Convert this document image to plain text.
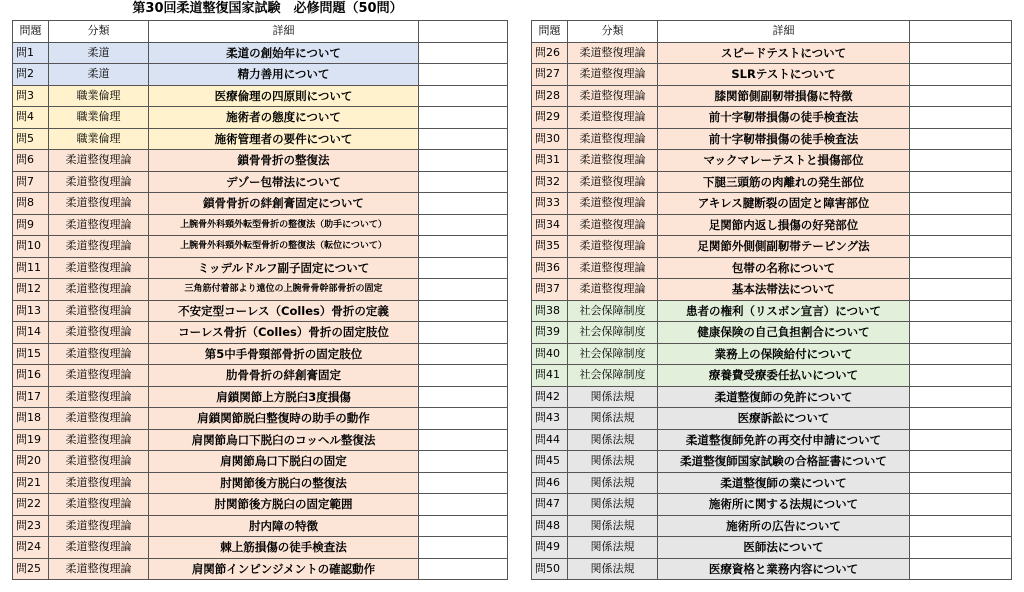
第30回柔道整復国家試験　必修問題（50問）
問題	分類	詳細	
問1	柔道	柔道の創始年について	
問2	柔道	精力善用について	
問3	職業倫理	医療倫理の四原則について	
問4	職業倫理	施術者の態度について	
問5	職業倫理	施術管理者の要件について	
問6	柔道整復理論	鎖骨骨折の整復法	
問7	柔道整復理論	デゾー包帯法について	
問8	柔道整復理論	鎖骨骨折の絆創膏固定について	
問9	柔道整復理論	上腕骨外科頸外転型骨折の整復法（助手について）	
問10	柔道整復理論	上腕骨外科頸外転型骨折の整復法（転位について）	
問11	柔道整復理論	ミッデルドルフ副子固定について	
問12	柔道整復理論	三角筋付着部より遠位の上腕骨骨幹部骨折の固定	
問13	柔道整復理論	不安定型コーレス（Colles）骨折の定義	
問14	柔道整復理論	コーレス骨折（Colles）骨折の固定肢位	
問15	柔道整復理論	第5中手骨頸部骨折の固定肢位	
問16	柔道整復理論	肋骨骨折の絆創膏固定	
問17	柔道整復理論	肩鎖関節上方脱臼3度損傷	
問18	柔道整復理論	肩鎖関節脱臼整復時の助手の動作	
問19	柔道整復理論	肩関節烏口下脱臼のコッヘル整復法	
問20	柔道整復理論	肩関節烏口下脱臼の固定	
問21	柔道整復理論	肘関節後方脱臼の整復法	
問22	柔道整復理論	肘関節後方脱臼の固定範囲	
問23	柔道整復理論	肘内障の特徴	
問24	柔道整復理論	棘上筋損傷の徒手検査法	
問25	柔道整復理論	肩関節インピンジメントの確認動作	
問題	分類	詳細	
問26	柔道整復理論	スピードテストについて	
問27	柔道整復理論	SLRテストについて	
問28	柔道整復理論	膝関節側副靭帯損傷に特徴	
問29	柔道整復理論	前十字靭帯損傷の徒手検査法	
問30	柔道整復理論	前十字靭帯損傷の徒手検査法	
問31	柔道整復理論	マックマレーテストと損傷部位	
問32	柔道整復理論	下腿三頭筋の肉離れの発生部位	
問33	柔道整復理論	アキレス腱断裂の固定と障害部位	
問34	柔道整復理論	足関節内返し損傷の好発部位	
問35	柔道整復理論	足関節外側側副靭帯テーピング法	
問36	柔道整復理論	包帯の名称について	
問37	柔道整復理論	基本法帯法について	
問38	社会保障制度	患者の権利（リスボン宣言）について	
問39	社会保障制度	健康保険の自己負担割合について	
問40	社会保障制度	業務上の保険給付について	
問41	社会保障制度	療養費受療委任払いについて	
問42	関係法規	柔道整復師の免許について	
問43	関係法規	医療訴訟について	
問44	関係法規	柔道整復師免許の再交付申請について	
問45	関係法規	柔道整復師国家試験の合格証書について	
問46	関係法規	柔道整復師の業について	
問47	関係法規	施術所に関する法規について	
問48	関係法規	施術所の広告について	
問49	関係法規	医師法について	
問50	関係法規	医療資格と業務内容について	
